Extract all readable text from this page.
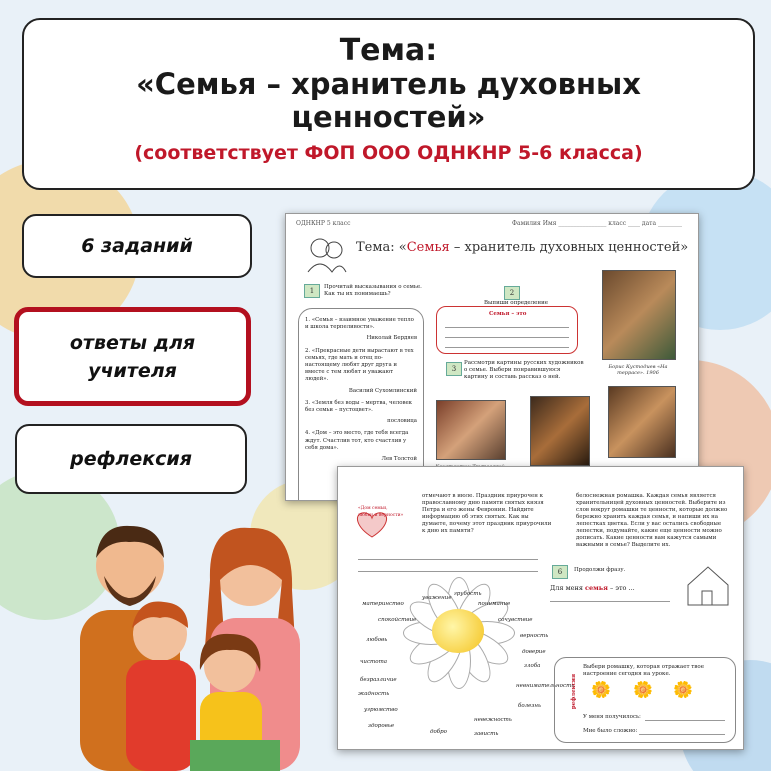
Тема:
«Семья – хранитель духовных
ценностей»
(соответствует ФОП ООО ОДНКНР 5-6 класса)
6 заданий
ответы для
учителя
рефлексия
ОДНКНР 5 класс	Фамилия Имя ________________ класс ____ дата ________
Тема: «Семья – хранитель духовных ценностей»
1	Прочитай высказывания о семье. Как ты их понимаешь?

1. «Семья – взаимное уважение тепло и школа терпеливости».

Николай Бердяев

2. «Прекрасные дети вырастают в тех семьях, где мать и отец по-настоящему любят друг друга и вместе с тем любят и уважают людей».

Василий Сухомлинский

3. «Земля без воды – мертва, человек без семьи – пустоцвет».

пословица

4. «Дом – это место, где тебя всегда ждут. Счастлив тот, кто счастлив у себя дома».

Лев Толстой

2
Выпиши определение
Семья – это
3
Рассмотри картины русских художников о семье. Выбери понравившуюся картину и составь рассказ о ней.
Борис Кустодиев «На террасе». 1906
«Дом семьи, любви и верности»
отмечают в июле. Праздник приурочен к православному дню памяти святых князя Петра и его жены Февронии. Найдите информацию об этих святых. Как вы думаете, почему этот праздник приурочили к дню их памяти?
белоснежная ромашка. Каждая семья является хранительницей духовных ценностей. Выберите из слов вокруг ромашки те ценности, которые должно бережно хранить каждая семья, и напиши их на лепестках цветка. Если у вас остались свободные лепестки, подумайте, какие еще ценности можно дописать. Какие ценности вам кажутся самыми важными в семье? Выделите их.
6	Продолжи фразу.
Для меня семья – это ...
уважение
грубость
понимание
материнство
сочувствие
спокойствие
любовь
верность
доверие
чистота
злоба
безразличие
невнимательность
жадность
угрюмство
болезнь
здоровье
невежность
добро	зависть
рефлексия
Выбери ромашку, которая отражает твое настроение сегодня на уроке.
🌼 🌼 🌼
У меня получилось:
Мне было сложно:
